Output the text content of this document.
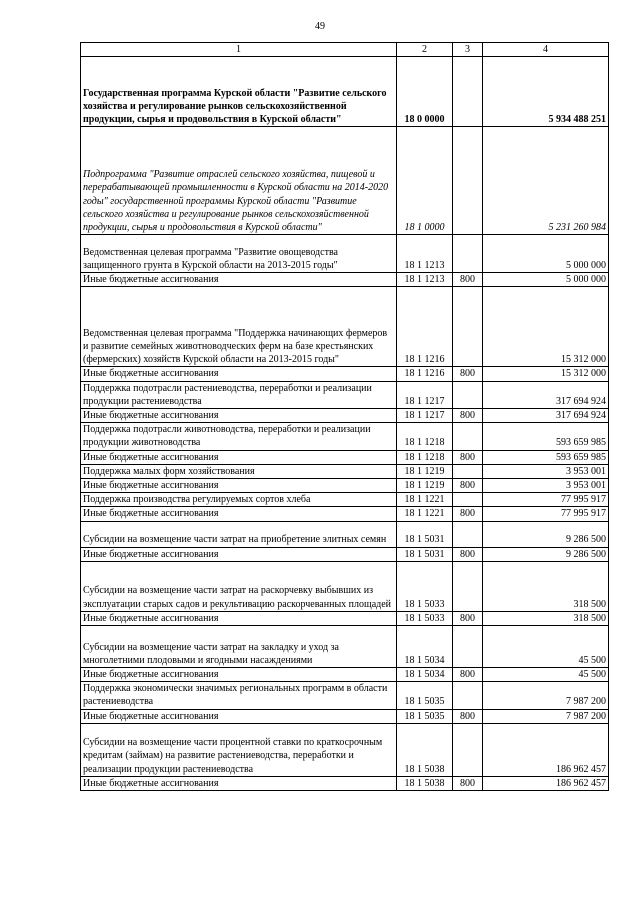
49
1	2	3	4
Государственная программа Курской области "Развитие сельского хозяйства и регулирование рынков сельскохозяйственной продукции, сырья и продовольствия в Курской области"	18 0 0000		5 934 488 251
Подпрограмма "Развитие отраслей сельского хозяйства, пищевой и перерабатывающей промышленности в Курской области на 2014-2020 годы" государственной программы Курской области "Развитие сельского хозяйства и регулирование рынков сельскохозяйственной продукции, сырья и продовольствия в Курской области"	18 1 0000		5 231 260 984
Ведомственная целевая программа "Развитие овощеводства защищенного грунта в Курской области на 2013-2015 годы"	18 1 1213		5 000 000
Иные бюджетные ассигнования	18 1 1213	800	5 000 000
Ведомственная целевая программа "Поддержка начинающих фермеров и развитие семейных животноводческих ферм на базе крестьянских (фермерских) хозяйств Курской области на 2013-2015 годы"	18 1 1216		15 312 000
Иные бюджетные ассигнования	18 1 1216	800	15 312 000
Поддержка подотрасли растениеводства, переработки и реализации продукции растениеводства	18 1 1217		317 694 924
Иные бюджетные ассигнования	18 1 1217	800	317 694 924
Поддержка подотрасли животноводства, переработки и реализации продукции животноводства	18 1 1218		593 659 985
Иные бюджетные ассигнования	18 1 1218	800	593 659 985
Поддержка малых форм хозяйствования	18 1 1219		3 953 001
Иные бюджетные ассигнования	18 1 1219	800	3 953 001
Поддержка производства регулируемых сортов хлеба	18 1 1221		77 995 917
Иные бюджетные ассигнования	18 1 1221	800	77 995 917
Субсидии на возмещение части затрат на приобретение элитных семян	18 1 5031		9 286 500
Иные бюджетные ассигнования	18 1 5031	800	9 286 500
Субсидии на возмещение части затрат на раскорчевку выбывших из эксплуатации старых садов и рекультивацию раскорчеванных площадей	18 1 5033		318 500
Иные бюджетные ассигнования	18 1 5033	800	318 500
Субсидии на возмещение части затрат на закладку и уход за многолетними плодовыми и ягодными насаждениями	18 1 5034		45 500
Иные бюджетные ассигнования	18 1 5034	800	45 500
Поддержка экономически значимых региональных программ в области растениеводства	18 1 5035		7 987 200
Иные бюджетные ассигнования	18 1 5035	800	7 987 200
Субсидии на возмещение части процентной ставки по краткосрочным кредитам (займам) на развитие растениеводства, переработки и реализации продукции растениеводства	18 1 5038		186 962 457
Иные бюджетные ассигнования	18 1 5038	800	186 962 457
